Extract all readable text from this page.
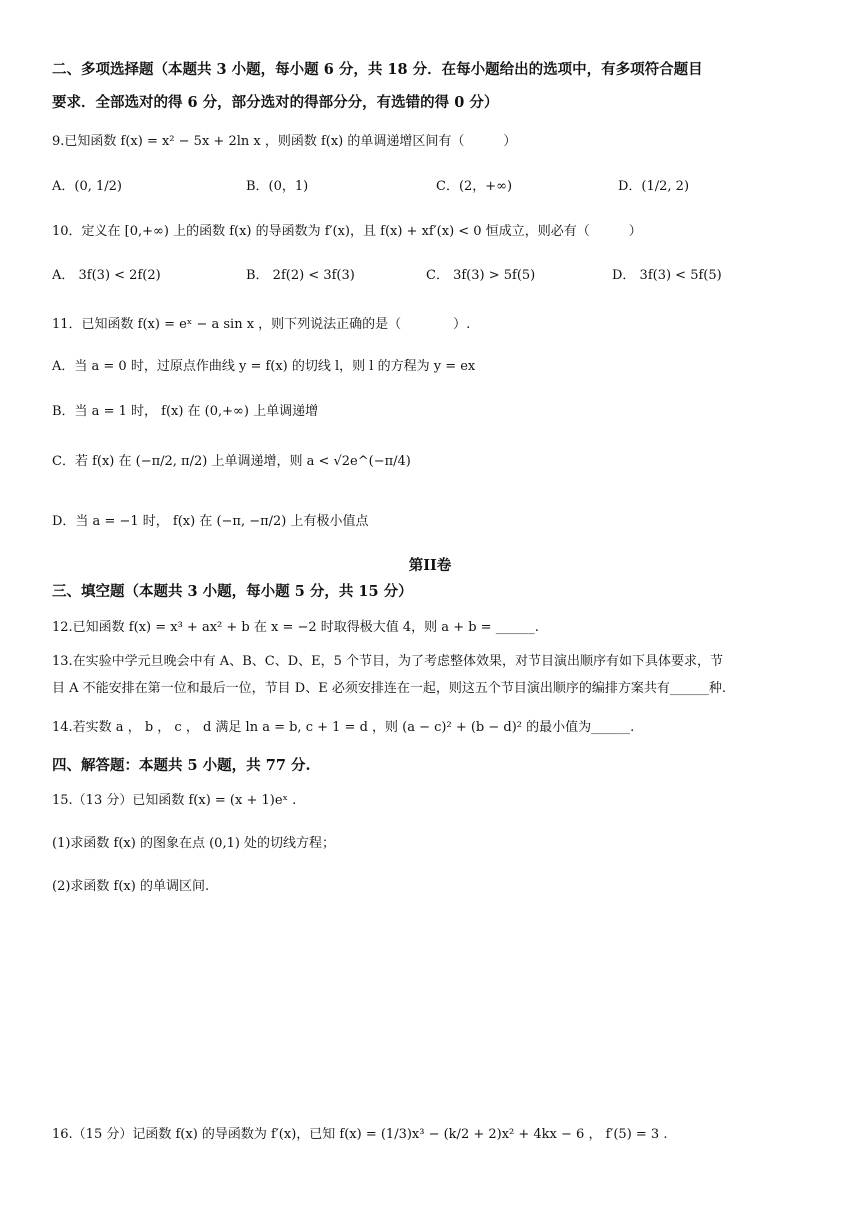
二、多项选择题（本题共 3 小题，每小题 6 分，共 18 分．在每小题给出的选项中，有多项符合题目
要求．全部选对的得 6 分，部分选对的得部分分，有选错的得 0 分）
9.已知函数 f(x) = x² − 5x + 2ln x ，则函数 f(x) 的单调递增区间有（　　　）
A．(0, 1/2)	B．(0，1)	C．(2，+∞)	D．(1/2, 2)
10．定义在 [0,+∞) 上的函数 f(x) 的导函数为 f′(x)，且 f(x) + xf′(x) < 0 恒成立，则必有（　　　）
A． 3f(3) < 2f(2)	B． 2f(2) < 3f(3)	C． 3f(3) > 5f(5)	D． 3f(3) < 5f(5)
11．已知函数 f(x) = eˣ − a sin x ，则下列说法正确的是（　　　　）.
A．当 a = 0 时，过原点作曲线 y = f(x) 的切线 l，则 l 的方程为 y = ex
B．当 a = 1 时， f(x) 在 (0,+∞) 上单调递增
C．若 f(x) 在 (−π/2, π/2) 上单调递增，则 a < √2e^(−π/4)
D．当 a = −1 时， f(x) 在 (−π, −π/2) 上有极小值点
第II卷
三、填空题（本题共 3 小题，每小题 5 分，共 15 分）
12.已知函数 f(x) = x³ + ax² + b 在 x = −2 时取得极大值 4，则 a + b = ______.
13.在实验中学元旦晚会中有 A、B、C、D、E，5 个节目，为了考虑整体效果，对节目演出顺序有如下具体要求，节
目 A 不能安排在第一位和最后一位，节目 D、E 必须安排连在一起，则这五个节目演出顺序的编排方案共有______种.
14.若实数 a ， b ， c ， d 满足 ln a = b, c + 1 = d ，则 (a − c)² + (b − d)² 的最小值为______.
四、解答题：本题共 5 小题，共 77 分.
15.（13 分）已知函数 f(x) = (x + 1)eˣ .
(1)求函数 f(x) 的图象在点 (0,1) 处的切线方程；
(2)求函数 f(x) 的单调区间.
16.（15 分）记函数 f(x) 的导函数为 f′(x)，已知 f(x) = (1/3)x³ − (k/2 + 2)x² + 4kx − 6 ， f′(5) = 3 .
